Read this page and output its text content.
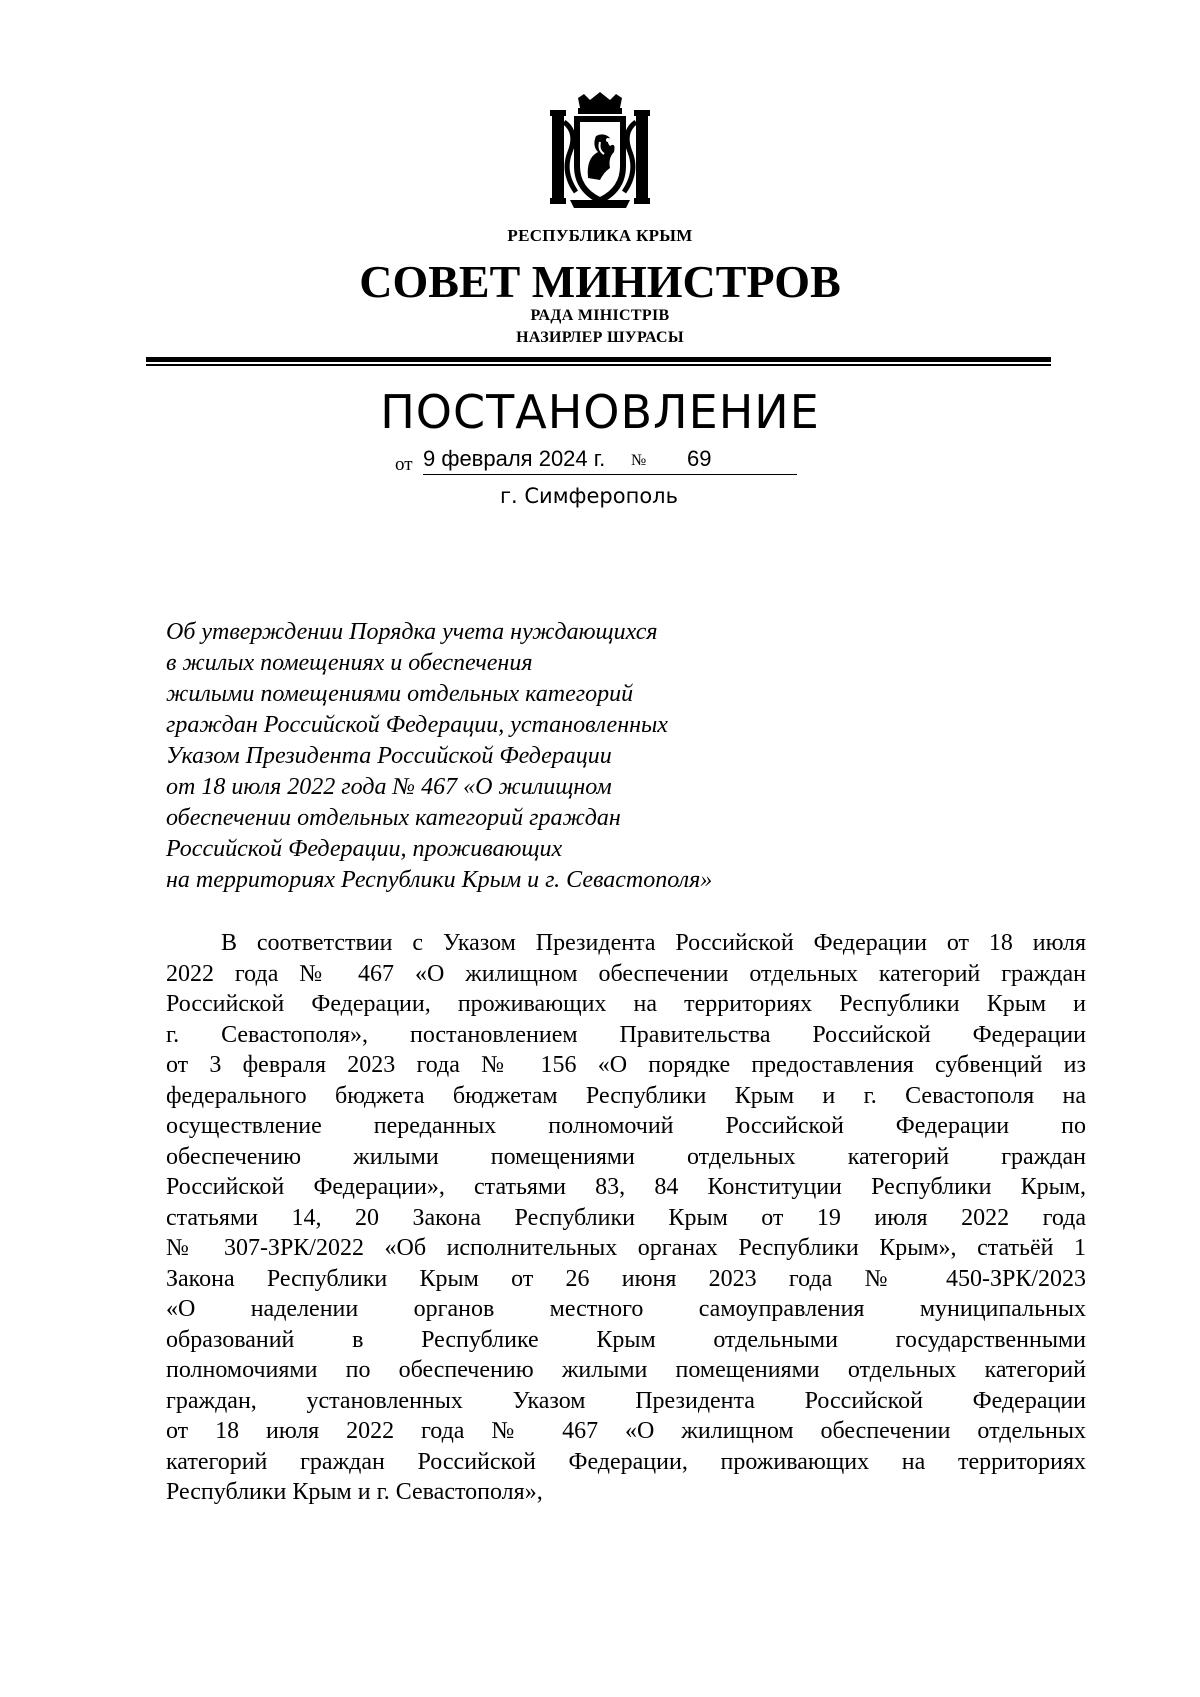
РЕСПУБЛИКА КРЫМ
СОВЕТ МИНИСТРОВ
РАДА МІНІСТРІВ
НАЗИРЛЕР ШУРАСЫ
ПОСТАНОВЛЕНИЕ
от 9 февраля 2024 г.	№	69
г. Симферополь
Об утверждении Порядка учета нуждающихся
в жилых помещениях и обеспечения
жилыми помещениями отдельных категорий
граждан Российской Федерации, установленных
Указом Президента Российской Федерации
от 18 июля 2022 года № 467 «О жилищном
обеспечении отдельных категорий граждан
Российской Федерации, проживающих
на территориях Республики Крым и г. Севастополя»
В соответствии с Указом Президента Российской Федерации от 18 июля
2022 года № 467 «О жилищном обеспечении отдельных категорий граждан
Российской Федерации, проживающих на территориях Республики Крым и
г. Севастополя», постановлением Правительства Российской Федерации
от 3 февраля 2023 года № 156 «О порядке предоставления субвенций из
федерального бюджета бюджетам Республики Крым и г. Севастополя на
осуществление переданных полномочий Российской Федерации по
обеспечению жилыми помещениями отдельных категорий граждан
Российской Федерации», статьями 83, 84 Конституции Республики Крым,
статьями 14, 20 Закона Республики Крым от 19 июля 2022 года
№ 307-ЗРК/2022 «Об исполнительных органах Республики Крым», статьёй 1
Закона Республики Крым от 26 июня 2023 года № 450-ЗРК/2023
«О наделении органов местного самоуправления муниципальных
образований в Республике Крым отдельными государственными
полномочиями по обеспечению жилыми помещениями отдельных категорий
граждан, установленных Указом Президента Российской Федерации
от 18 июля 2022 года № 467 «О жилищном обеспечении отдельных
категорий граждан Российской Федерации, проживающих на территориях
Республики Крым и г. Севастополя»,
